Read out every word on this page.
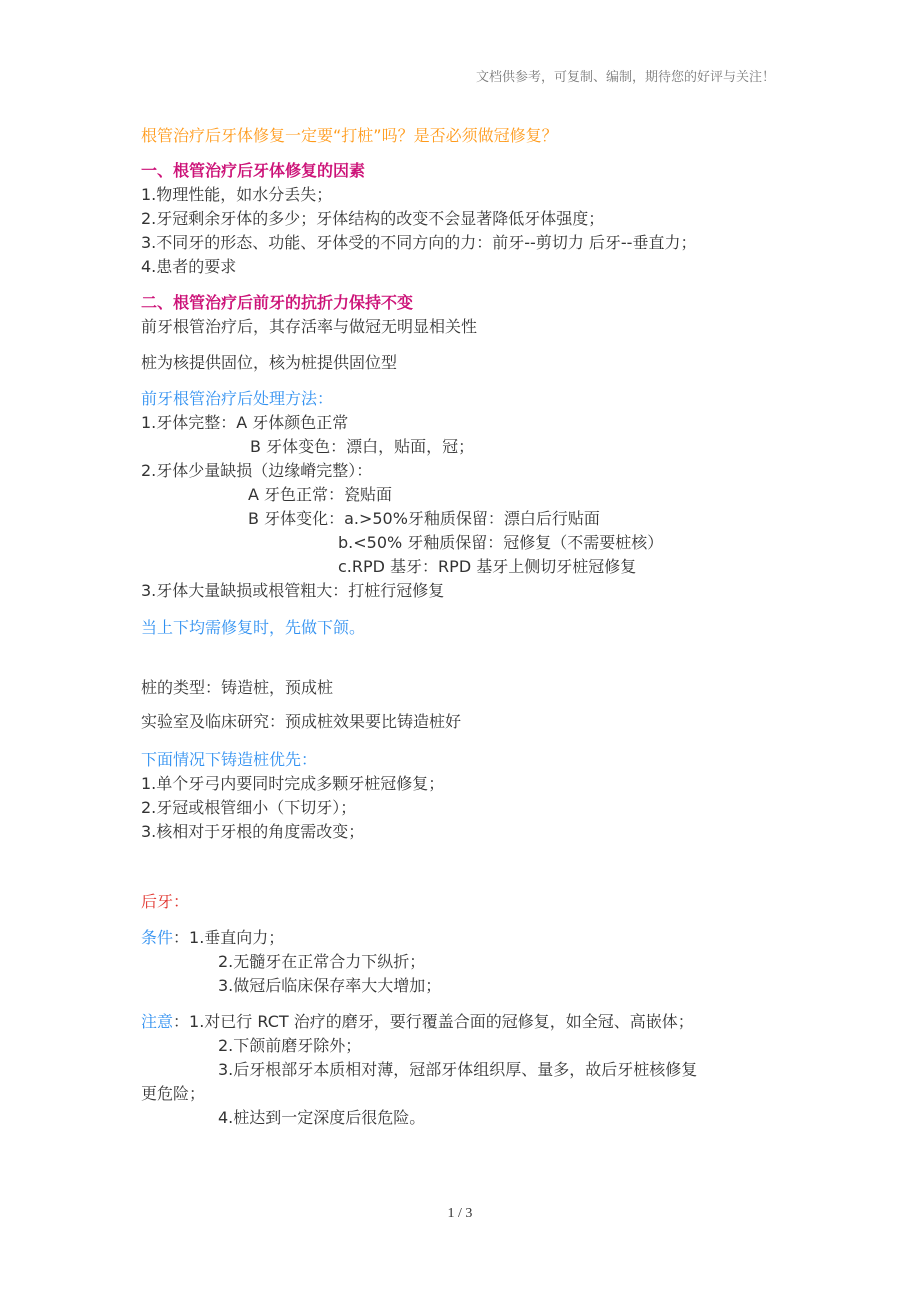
文档供参考，可复制、编制，期待您的好评与关注！
根管治疗后牙体修复一定要“打桩”吗？是否必须做冠修复？
一、根管治疗后牙体修复的因素
1.物理性能，如水分丢失；
2.牙冠剩余牙体的多少；牙体结构的改变不会显著降低牙体强度；
3.不同牙的形态、功能、牙体受的不同方向的力：前牙--剪切力 后牙--垂直力；
4.患者的要求
二、根管治疗后前牙的抗折力保持不变
前牙根管治疗后，其存活率与做冠无明显相关性
桩为核提供固位，核为桩提供固位型
前牙根管治疗后处理方法：
1.牙体完整：A 牙体颜色正常
B 牙体变色：漂白，贴面，冠；
2.牙体少量缺损（边缘嵴完整）：
A 牙色正常：瓷贴面
B 牙体变化：a.>50%牙釉质保留：漂白后行贴面
b.<50% 牙釉质保留：冠修复（不需要桩核）
c.RPD 基牙：RPD 基牙上侧切牙桩冠修复
3.牙体大量缺损或根管粗大：打桩行冠修复
当上下均需修复时，先做下颌。
桩的类型：铸造桩，预成桩
实验室及临床研究：预成桩效果要比铸造桩好
下面情况下铸造桩优先：
1.单个牙弓内要同时完成多颗牙桩冠修复；
2.牙冠或根管细小（下切牙）；
3.核相对于牙根的角度需改变；
后牙：
条件：1.垂直向力；
2.无髓牙在正常合力下纵折；
3.做冠后临床保存率大大增加；
注意：1.对已行 RCT 治疗的磨牙，要行覆盖合面的冠修复，如全冠、高嵌体；
2.下颌前磨牙除外；
3.后牙根部牙本质相对薄，冠部牙体组织厚、量多，故后牙桩核修复
更危险；
4.桩达到一定深度后很危险。
1 / 3
